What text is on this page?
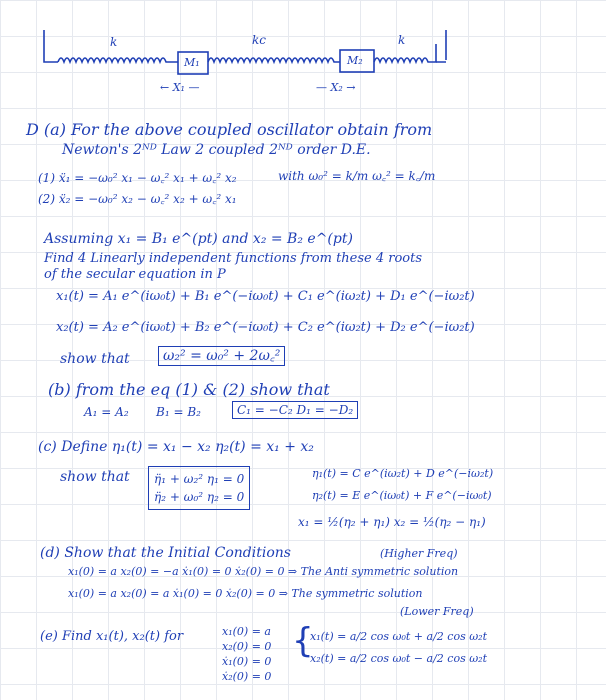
k	kc	k
M₁	M₂
← X₁ —	— X₂ →
D (a) For the above coupled oscillator obtain from
Newton's 2ᴺᴰ Law 2 coupled 2ᴺᴰ order D.E.
(1) ẍ₁ = −ω₀² x₁ − ω꜀² x₁ + ω꜀² x₂	with ω₀² = k/m ω꜀² = k꜀/m
(2) ẍ₂ = −ω₀² x₂ − ω꜀² x₂ + ω꜀² x₁
Assuming x₁ = B₁ e^(pt) and x₂ = B₂ e^(pt)
Find 4 Linearly independent functions from these 4 roots
of the secular equation in P
x₁(t) = A₁ e^(iω₀t) + B₁ e^(−iω₀t) + C₁ e^(iω₂t) + D₁ e^(−iω₂t)
x₂(t) = A₂ e^(iω₀t) + B₂ e^(−iω₀t) + C₂ e^(iω₂t) + D₂ e^(−iω₂t)
show that	ω₂² = ω₀² + 2ω꜀²
(b) from the eq (1) & (2) show that
A₁ = A₂ B₁ = B₂	C₁ = −C₂ D₁ = −D₂
(c) Define η₁(t) = x₁ − x₂ η₂(t) = x₁ + x₂
show that η̈₁ + ω₂² η₁ = 0
η̈₂ + ω₀² η₂ = 0
η₁(t) = C e^(iω₂t) + D e^(−iω₂t)
η₂(t) = E e^(iω₀t) + F e^(−iω₀t)
x₁ = ½(η₂ + η₁) x₂ = ½(η₂ − η₁)
(d) Show that the Initial Conditions	(Higher Freq)
x₁(0) = a x₂(0) = −a ẋ₁(0) = 0 ẋ₂(0) = 0 ⇒ The Anti symmetric solution
x₁(0) = a x₂(0) = a ẋ₁(0) = 0 ẋ₂(0) = 0 ⇒ The symmetric solution
(Lower Freq)
(e) Find x₁(t), x₂(t) for	x₁(0) = a
x₂(0) = 0
ẋ₁(0) = 0
ẋ₂(0) = 0
{
x₁(t) = a/2 cos ω₀t + a/2 cos ω₂t
x₂(t) = a/2 cos ω₀t − a/2 cos ω₂t
